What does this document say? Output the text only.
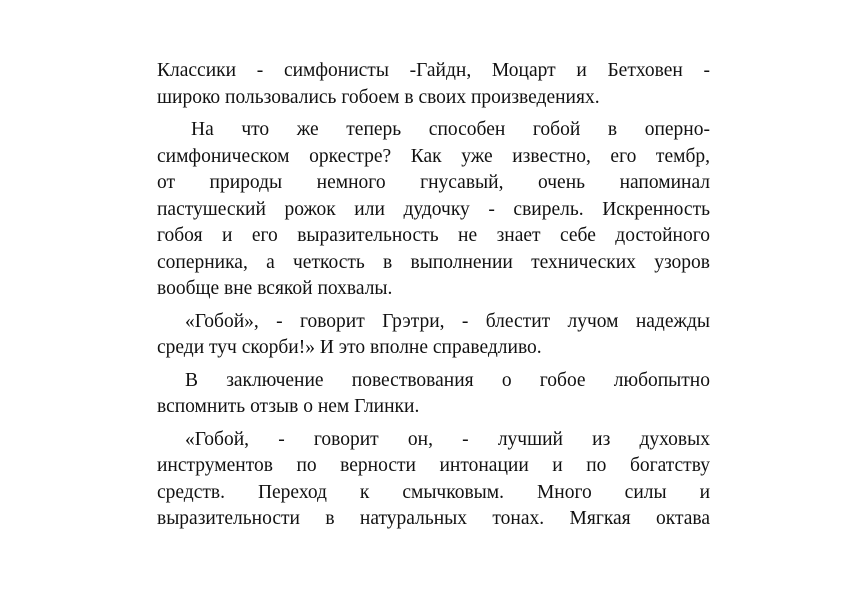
Классики - симфонисты -Гайдн, Моцарт и Бетховен -
широко пользовались гобоем в своих произведениях.

На что же теперь способен гобой в оперно-
симфоническом оркестре? Как уже известно, его тембр,
от природы немного гнусавый, очень напоминал
пастушеский рожок или дудочку - свирель. Искренность
гобоя и его выразительность не знает себе достойного
соперника, а четкость в выполнении технических узоров
вообще вне всякой похвалы.

«Гобой», - говорит Грэтри, - блестит лучом надежды
среди туч скорби!» И это вполне справедливо.

В заключение повествования о гобое любопытно
вспомнить отзыв о нем Глинки.

«Гобой, - говорит он, - лучший из духовых
инструментов по верности интонации и по богатству
средств. Переход к смычковым. Много силы и
выразительности в натуральных тонах. Мягкая октава
